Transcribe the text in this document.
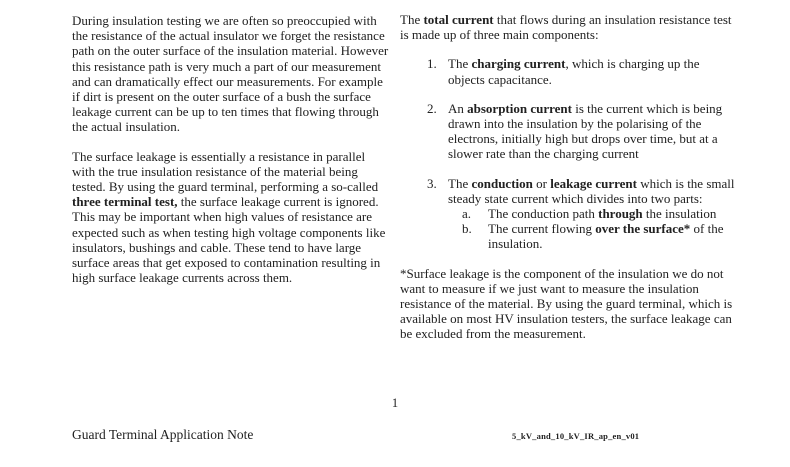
During insulation testing we are often so preoccupied with the resistance of the actual insulator we forget the resistance path on the outer surface of the insulation material. However this resistance path is very much a part of our measurement and can dramatically effect our measurements. For example if dirt is present on the outer surface of a bush the surface leakage current can be up to ten times that flowing through the actual insulation.

The surface leakage is essentially a resistance in parallel with the true insulation resistance of the material being tested. By using the guard terminal, performing a so-called three terminal test, the surface leakage current is ignored. This may be important when high values of resistance are expected such as when testing high voltage components like insulators, bushings and cable. These tend to have large surface areas that get exposed to contamination resulting in high surface leakage currents across them.

The total current that flows during an insulation resistance test is made up of three main components:

1. The charging current, which is charging up the objects capacitance.
2. An absorption current is the current which is being drawn into the insulation by the polarising of the electrons, initially high but drops over time, but at a slower rate than the charging current
3. The conduction or leakage current which is the small steady state current which divides into two parts:
a.	The conduction path through the insulation
b.	The current flowing over the surface* of the insulation.

*Surface leakage is the component of the insulation we do not want to measure if we just want to measure the insulation resistance of the material. By using the guard terminal, which is available on most HV insulation testers, the surface leakage can be excluded from the measurement.

1
Guard Terminal Application Note	5_kV_and_10_kV_IR_ap_en_v01
